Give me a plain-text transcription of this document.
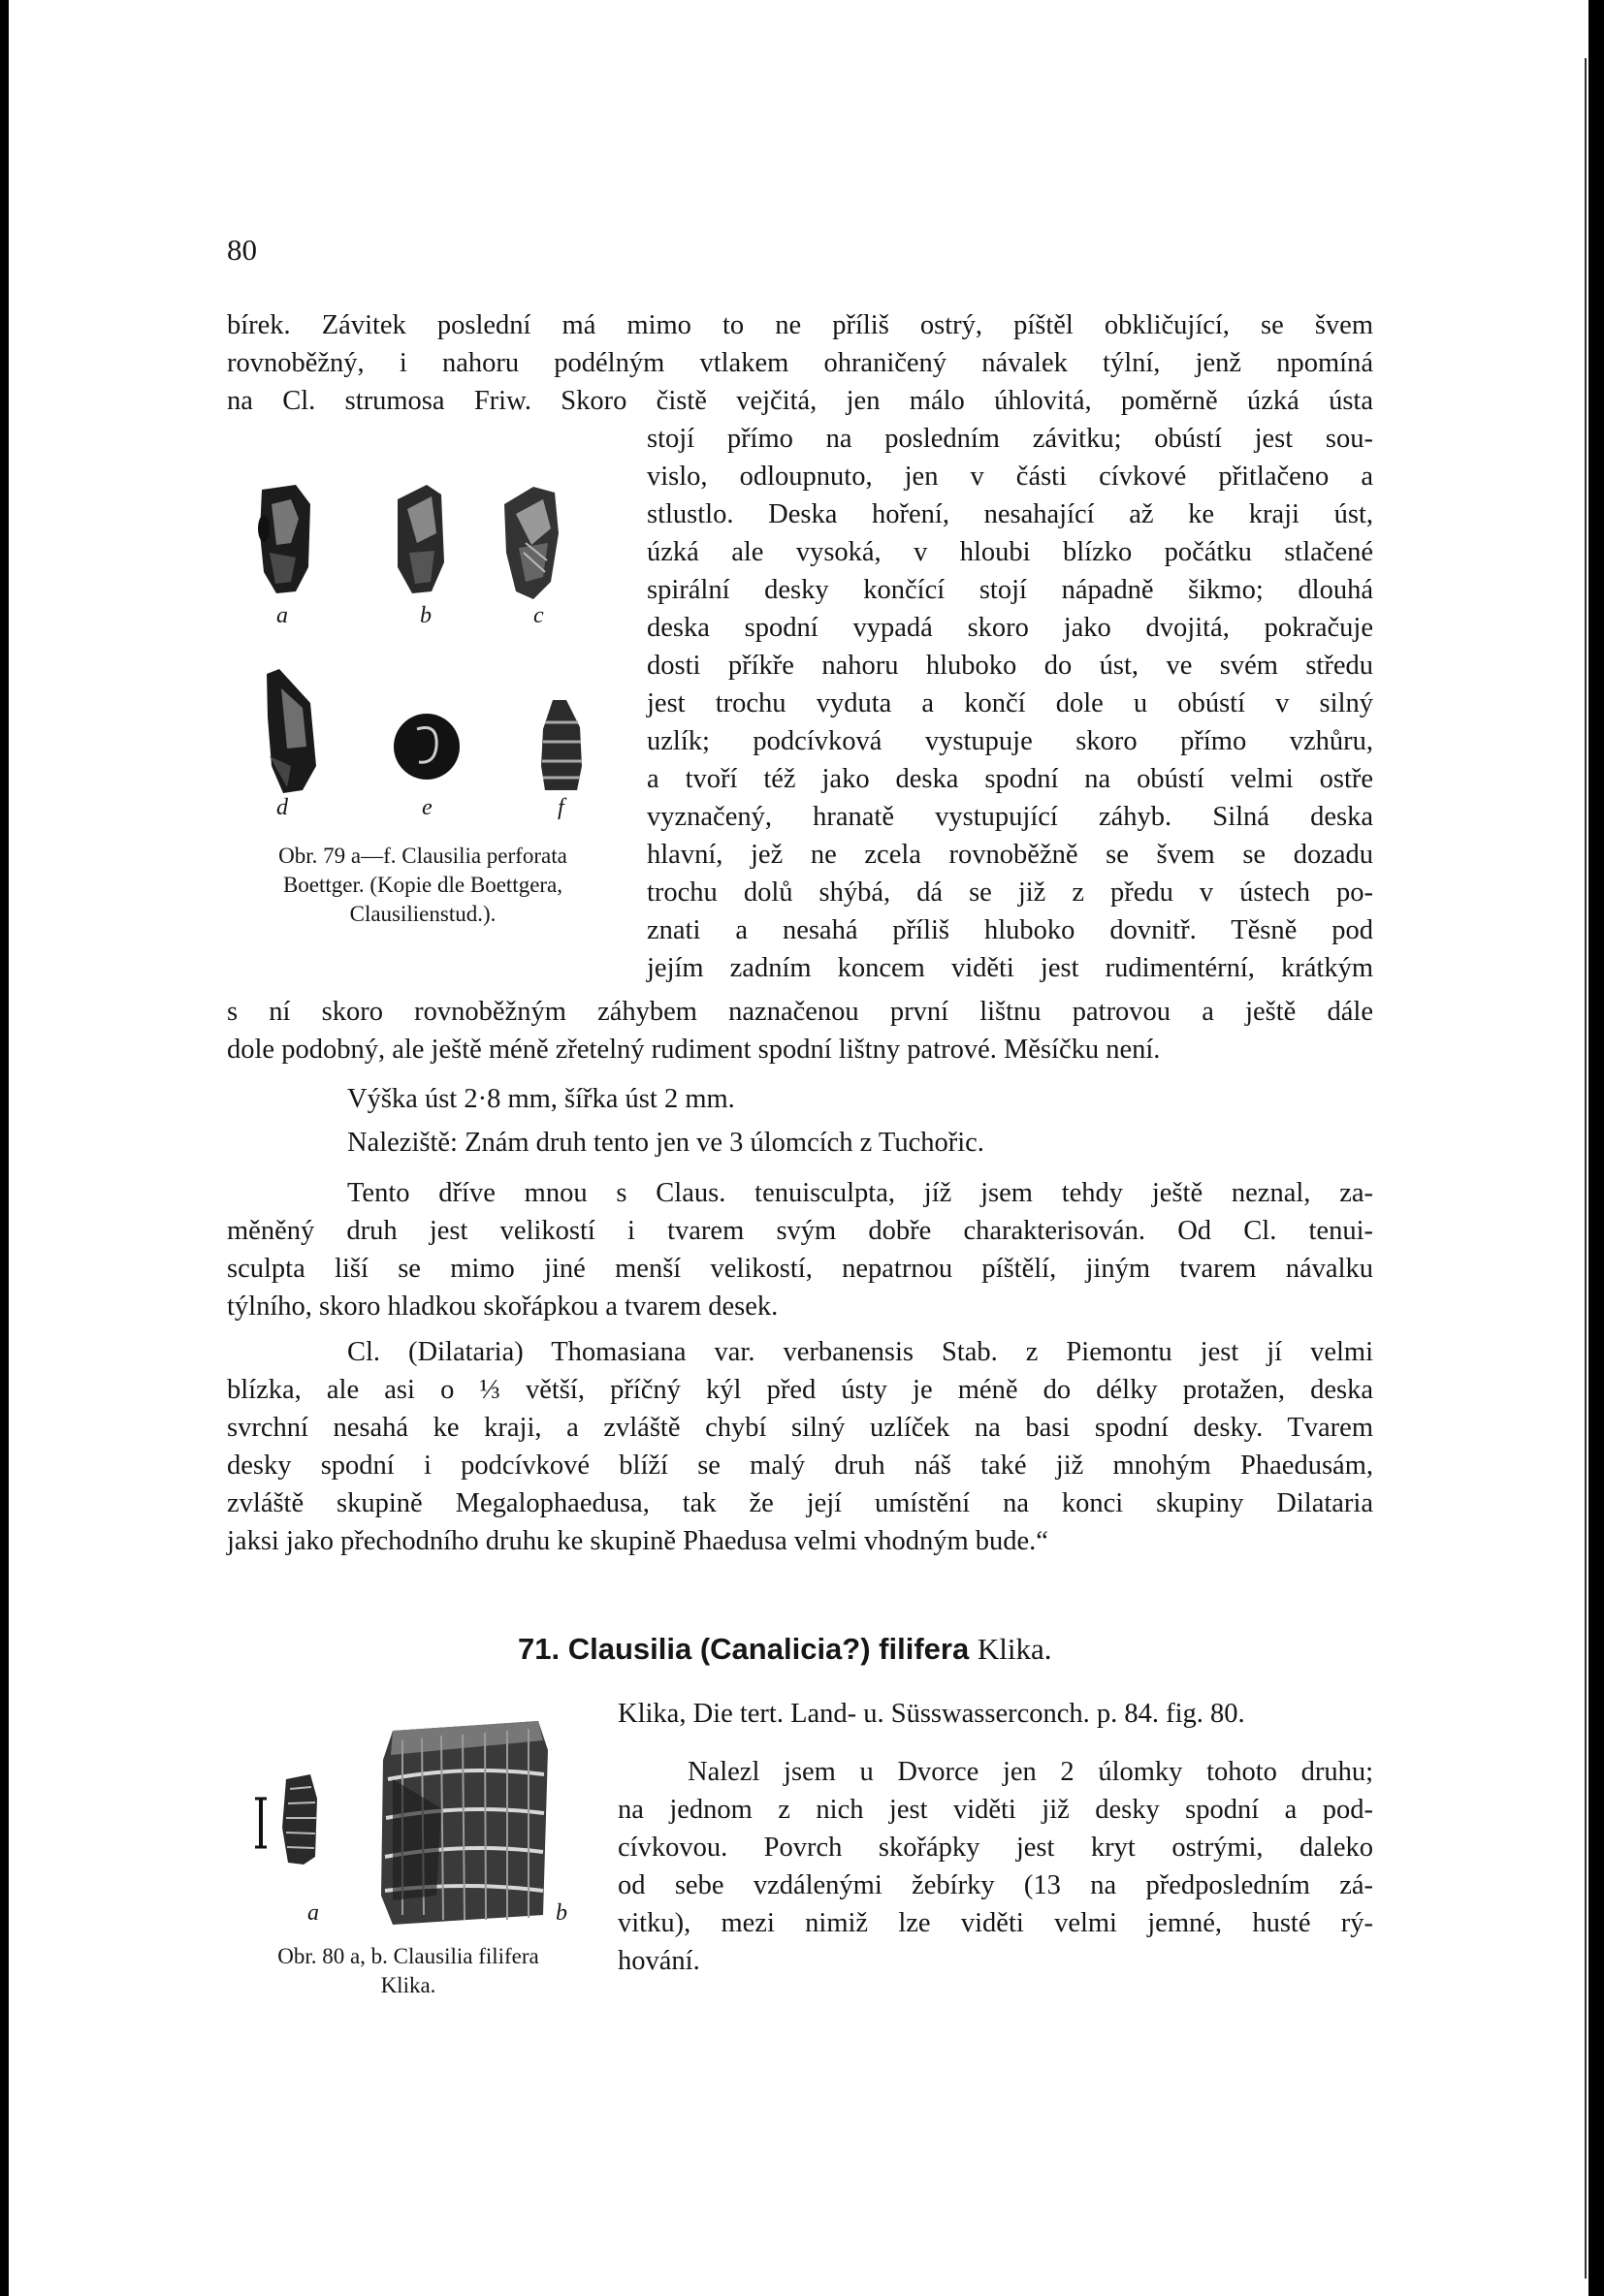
80

bírek. Závitek poslední má mimo to ne příliš ostrý, píštěl obkličující, se švem
rovnoběžný, i nahoru podélným vtlakem ohraničený návalek týlní, jenž npomíná
na Cl. strumosa Friw. Skoro čistě vejčitá, jen málo úhlovitá, poměrně úzká ústa

stojí přímo na posledním závitku; obústí jest sou-
vislo, odloupnuto, jen v části cívkové přitlačeno a
stlustlo. Deska hoření, nesahající až ke kraji úst,
úzká ale vysoká, v hloubi blízko počátku stlačené
spirální desky končící stojí nápadně šikmo; dlouhá
deska spodní vypadá skoro jako dvojitá, pokračuje
dosti příkře nahoru hluboko do úst, ve svém středu
jest trochu vyduta a končí dole u obústí v silný
uzlík; podcívková vystupuje skoro přímo vzhůru,
a tvoří též jako deska spodní na obústí velmi ostře
vyznačený, hranatě vystupující záhyb. Silná deska
hlavní, jež ne zcela rovnoběžně se švem se dozadu
trochu dolů shýbá, dá se již z předu v ústech po-
znati a nesahá příliš hluboko dovnitř. Těsně pod
jejím zadním koncem viděti jest rudimentérní, krátkým

a	b	c
d	e	f
Obr. 79 a—f. Clausilia perforata
Boettger. (Kopie dle Boettgera,
Clausilienstud.).

s ní skoro rovnoběžným záhybem naznačenou první lištnu patrovou a ještě dále
dole podobný, ale ještě méně zřetelný rudiment spodní lištny patrové. Měsíčku není.

Výška úst 2·8 mm, šířka úst 2 mm.

Naleziště: Znám druh tento jen ve 3 úlomcích z Tuchořic.

Tento dříve mnou s Claus. tenuisculpta, jíž jsem tehdy ještě neznal, za-
měněný druh jest velikostí i tvarem svým dobře charakterisován. Od Cl. tenui-
sculpta liší se mimo jiné menší velikostí, nepatrnou píštělí, jiným tvarem návalku
týlního, skoro hladkou skořápkou a tvarem desek.

Cl. (Dilataria) Thomasiana var. verbanensis Stab. z Piemontu jest jí velmi
blízka, ale asi o ⅓ větší, příčný kýl před ústy je méně do délky protažen, deska
svrchní nesahá ke kraji, a zvláště chybí silný uzlíček na basi spodní desky. Tvarem
desky spodní i podcívkové blíží se malý druh náš také již mnohým Phaedusám,
zvláště skupině Megalophaedusa, tak že její umístění na konci skupiny Dilataria
jaksi jako přechodního druhu ke skupině Phaedusa velmi vhodným bude.“

71. Clausilia (Canalicia?) filifera Klika.

Klika, Die tert. Land- u. Süsswasserconch. p. 84. fig. 80.

Nalezl jsem u Dvorce jen 2 úlomky tohoto druhu;
na jednom z nich jest viděti již desky spodní a pod-
cívkovou. Povrch skořápky jest kryt ostrými, daleko
od sebe vzdálenými žebírky (13 na předposledním zá-
vitku), mezi nimiž lze viděti velmi jemné, husté rý-
hování.

a	b
Obr. 80 a, b. Clausilia filifera
Klika.
